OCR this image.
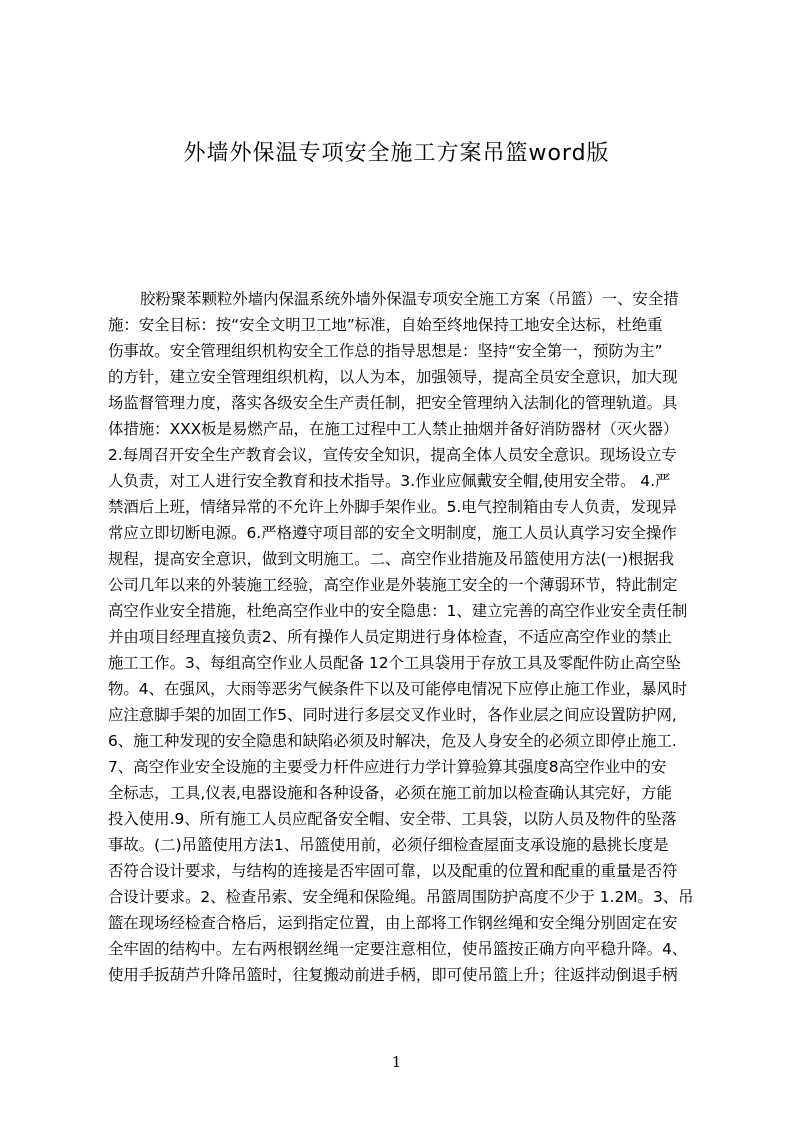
外墙外保温专项安全施工方案吊篮word版
胶粉聚苯颗粒外墙内保温系统外墙外保温专项安全施工方案（吊篮）一、安全措
施：安全目标：按“安全文明卫工地”标准，自始至终地保持工地安全达标，杜绝重
伤事故。安全管理组织机构安全工作总的指导思想是：坚持“安全第一，预防为主”
的方针，建立安全管理组织机构，以人为本，加强领导，提高全员安全意识，加大现
场监督管理力度，落实各级安全生产责任制，把安全管理纳入法制化的管理轨道。具
体措施：XXX板是易燃产品，在施工过程中工人禁止抽烟并备好消防器材（灭火器）
2.每周召开安全生产教育会议，宣传安全知识，提高全体人员安全意识。现场设立专
人负责，对工人进行安全教育和技术指导。3.作业应佩戴安全帽,使用安全带。 4.严
禁酒后上班，情绪异常的不允许上外脚手架作业。5.电气控制箱由专人负责，发现异
常应立即切断电源。6.严格遵守项目部的安全文明制度，施工人员认真学习安全操作
规程，提高安全意识，做到文明施工。二、高空作业措施及吊篮使用方法(一)根据我
公司几年以来的外装施工经验，高空作业是外装施工安全的一个薄弱环节，特此制定
高空作业安全措施，杜绝高空作业中的安全隐患：1、建立完善的高空作业安全责任制
并由项目经理直接负责2、所有操作人员定期进行身体检查，不适应高空作业的禁止
施工工作。3、每组高空作业人员配备 12个工具袋用于存放工具及零配件防止高空坠
物。4、在强风，大雨等恶劣气候条件下以及可能停电情况下应停止施工作业，暴风时
应注意脚手架的加固工作5、同时进行多层交叉作业时，各作业层之间应设置防护网,
6、施工种发现的安全隐患和缺陷必须及时解决，危及人身安全的必须立即停止施工.
7、高空作业安全设施的主要受力杆件应进行力学计算验算其强度8高空作业中的安
全标志，工具,仪表,电器设施和各种设备，必须在施工前加以检查确认其完好，方能
投入使用.9、所有施工人员应配备安全帽、安全带、工具袋，以防人员及物件的坠落
事故。(二)吊篮使用方法1、吊篮使用前，必须仔细检查屋面支承设施的悬挑长度是
否符合设计要求，与结构的连接是否牢固可靠，以及配重的位置和配重的重量是否符
合设计要求。2、检查吊索、安全绳和保险绳。吊篮周围防护高度不少于 1.2M。3、吊
篮在现场经检查合格后，运到指定位置，由上部将工作钢丝绳和安全绳分别固定在安
全牢固的结构中。左右两根钢丝绳一定要注意相位，使吊篮按正确方向平稳升降。4、
使用手扳葫芦升降吊篮时，往复搬动前进手柄，即可使吊篮上升；往返拌动倒退手柄
1
